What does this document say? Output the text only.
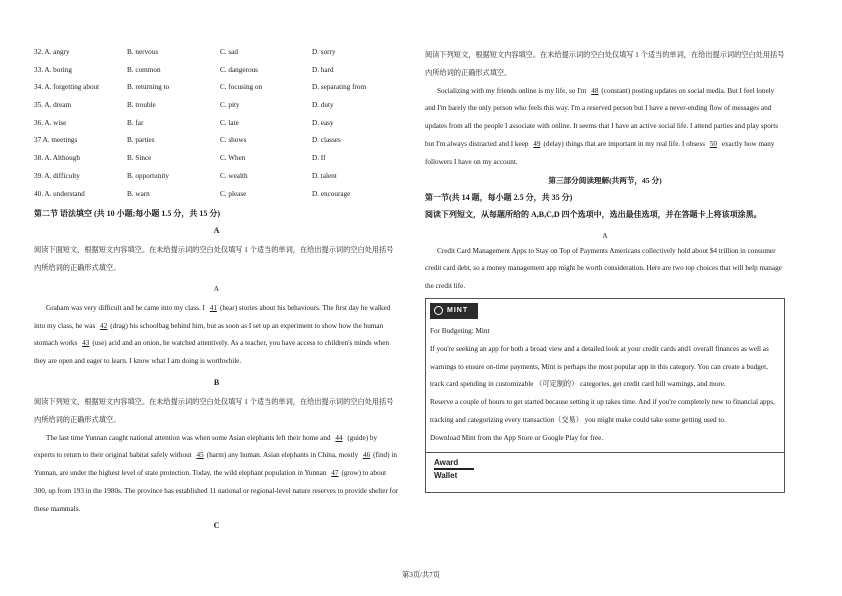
32. A. angry	B. nervous	C. sad	D. sorry
33. A. boring	B. common	C. dangerous	D. hard
34. A. forgetting about	B. returning to	C. focusing on	D. separating from
35. A. dream	B. trouble	C. pity	D. duty
36. A. wise	B. far	C. late	D. easy
37 A. meetings	B. parties	C. shows	D. classes
38. A. Although	B. Since	C. When	D. If
39. A. difficulty	B. opportunity	C. wealth	D. talent
40. A. understand	B. warn	C. please	D. encourage
第二节 语法填空 (共 10 小题;每小题 1.5 分，共 15 分)
A

阅读下面短文，根据短文内容填空。在未给提示词的空白处仅填写 1 个适当的单词，在给出提示词的空白处用括号内所给词的正确形式填空。

A

Graham was very difficult and he came into my class. I 41 (hear) stories about his behaviours. The first day he walked into my class, he was 42 (drag) his schoolbag behind him, but as soon as I set up an experiment to show how the human stomach works 43 (use) acid and an onion, he watched attentively. As a teacher, you have access to children's minds when they are open and eager to learn. I know what I am doing is worthwhile.

B

阅读下列短文，根据短文内容填空。在未给提示词的空白处仅填写 1 个适当的单词，在给出提示词的空白处用括号内所给词的正确形式填空。

The last time Yunnan caught national attention was when some Asian elephants left their home and 44 (guide) by experts to return to their original habitat safely without 45 (harm) any human. Asian elephants in China, mostly 46 (find) in Yunnan, are under the highest level of state protection. Today, the wild elephant population in Yunnan 47 (grow) to about 300, up from 193 in the 1980s. The province has established 11 national or regional-level nature reserves to provide shelter for these mammals.

C

阅读下列短文，根据短文内容填空。在未给提示词的空白处仅填写 1 个适当的单词，在给出提示词的空白处用括号内所给词的正确形式填空。

Socializing with my friends online is my life, so I'm 48 (constant) posting updates on social media. But I feel lonely and I'm barely the only person who feels this way. I'm a reserved person but I have a never-ending flow of messages and updates from all the people I associate with online. It seems that I have an active social life. I attend parties and play sports but I'm always distracted and I keep 49 (delay) things that are important in my real life. I obsess 50 exactly how many followers I have on my account.

第三部分阅读理解(共两节，45 分)

第一节(共 14 题，每小题 2.5 分，共 35 分)

阅读下列短文，从每题所给的 A,B,C,D 四个选项中，选出最佳选项，并在答题卡上将该项涂黑。

A

Credit Card Management Apps to Stay on Top of Payments Americans collectively hold about $4 trillion in consumer credit card debt, so a money management app might be worth consideration. Here are two top choices that will help manage the credit life.

MINT

For Budgeting: Mint

If you're seeking an app for both a broad view and a detailed look at your credit cards and1 overall finances as well as warnings to ensure on-time payments, Mint is perhaps the most popular app in this category. You can create a budget, track card spending in customizable （可定制的） categories, get credit card bill warnings, and more.

Reserve a couple of hours to get started because setting it up takes time. And if you're completely new to financial apps, tracking and categorizing every transaction（交易） you might make could take some getting used to.

Download Mint from the App Store or Google Play for free.

Award
Wallet
第3页/共7页
